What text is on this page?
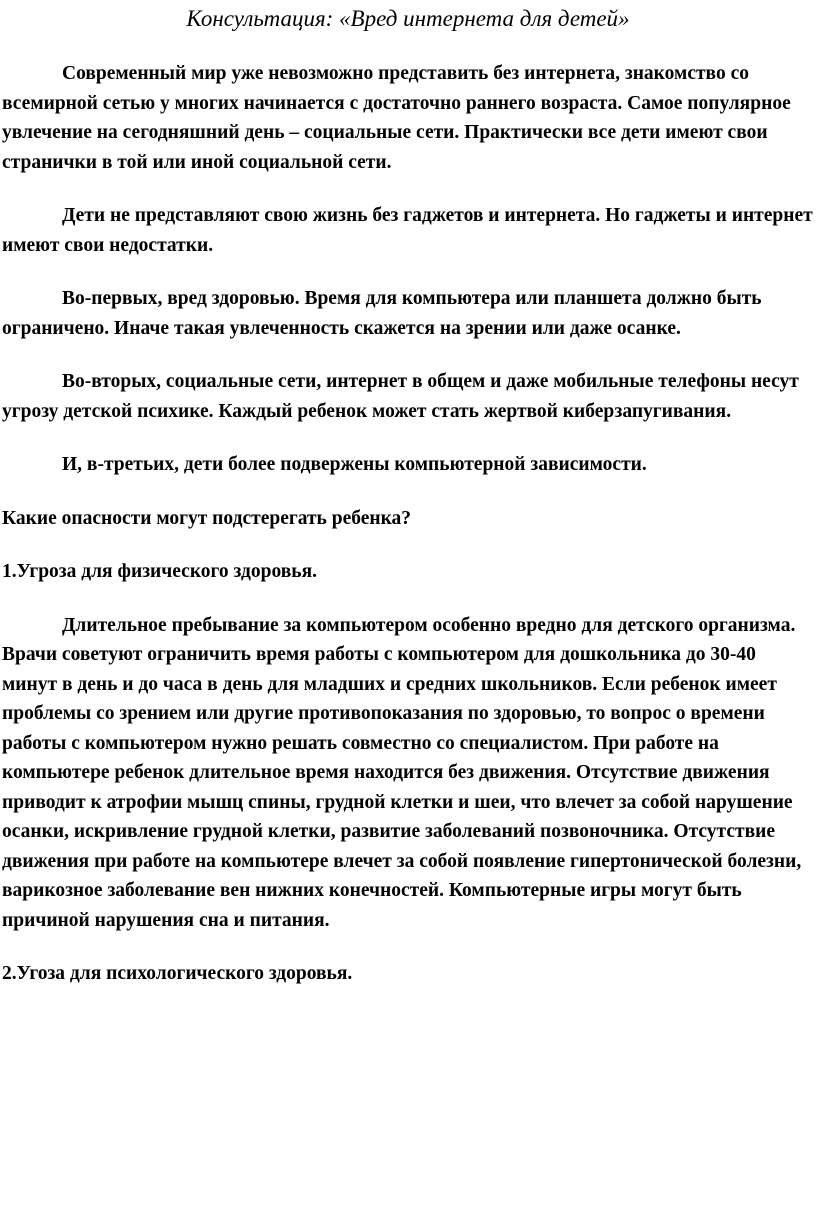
Консультация: «Вред интернета для детей»

Современный мир уже невозможно представить без интернета, знакомство со всемирной сетью у многих начинается с достаточно раннего возраста. Самое популярное увлечение на сегодняшний день – социальные сети. Практически все дети имеют свои странички в той или иной социальной сети.

Дети не представляют свою жизнь без гаджетов и интернета. Но гаджеты и интернет имеют свои недостатки.

Во-первых, вред здоровью. Время для компьютера или планшета должно быть ограничено. Иначе такая увлеченность скажется на зрении или даже осанке.

Во-вторых, социальные сети, интернет в общем и даже мобильные телефоны несут угрозу детской психике. Каждый ребенок может стать жертвой киберзапугивания.

И, в-третьих, дети более подвержены компьютерной зависимости.

Какие опасности могут подстерегать ребенка?

1.Угроза для физического здоровья.

Длительное пребывание за компьютером особенно вредно для детского организма. Врачи советуют ограничить время работы с компьютером для дошкольника до 30-40 минут в день и до часа в день для младших и средних школьников. Если ребенок имеет проблемы со зрением или другие противопоказания по здоровью, то вопрос о времени работы с компьютером нужно решать совместно со специалистом. При работе на компьютере ребенок длительное время находится без движения. Отсутствие движения приводит к атрофии мышц спины, грудной клетки и шеи, что влечет за собой нарушение осанки, искривление грудной клетки, развитие заболеваний позвоночника. Отсутствие движения при работе на компьютере влечет за собой появление гипертонической болезни, варикозное заболевание вен нижних конечностей. Компьютерные игры могут быть причиной нарушения сна и питания.

2.Угоза для психологического здоровья.
